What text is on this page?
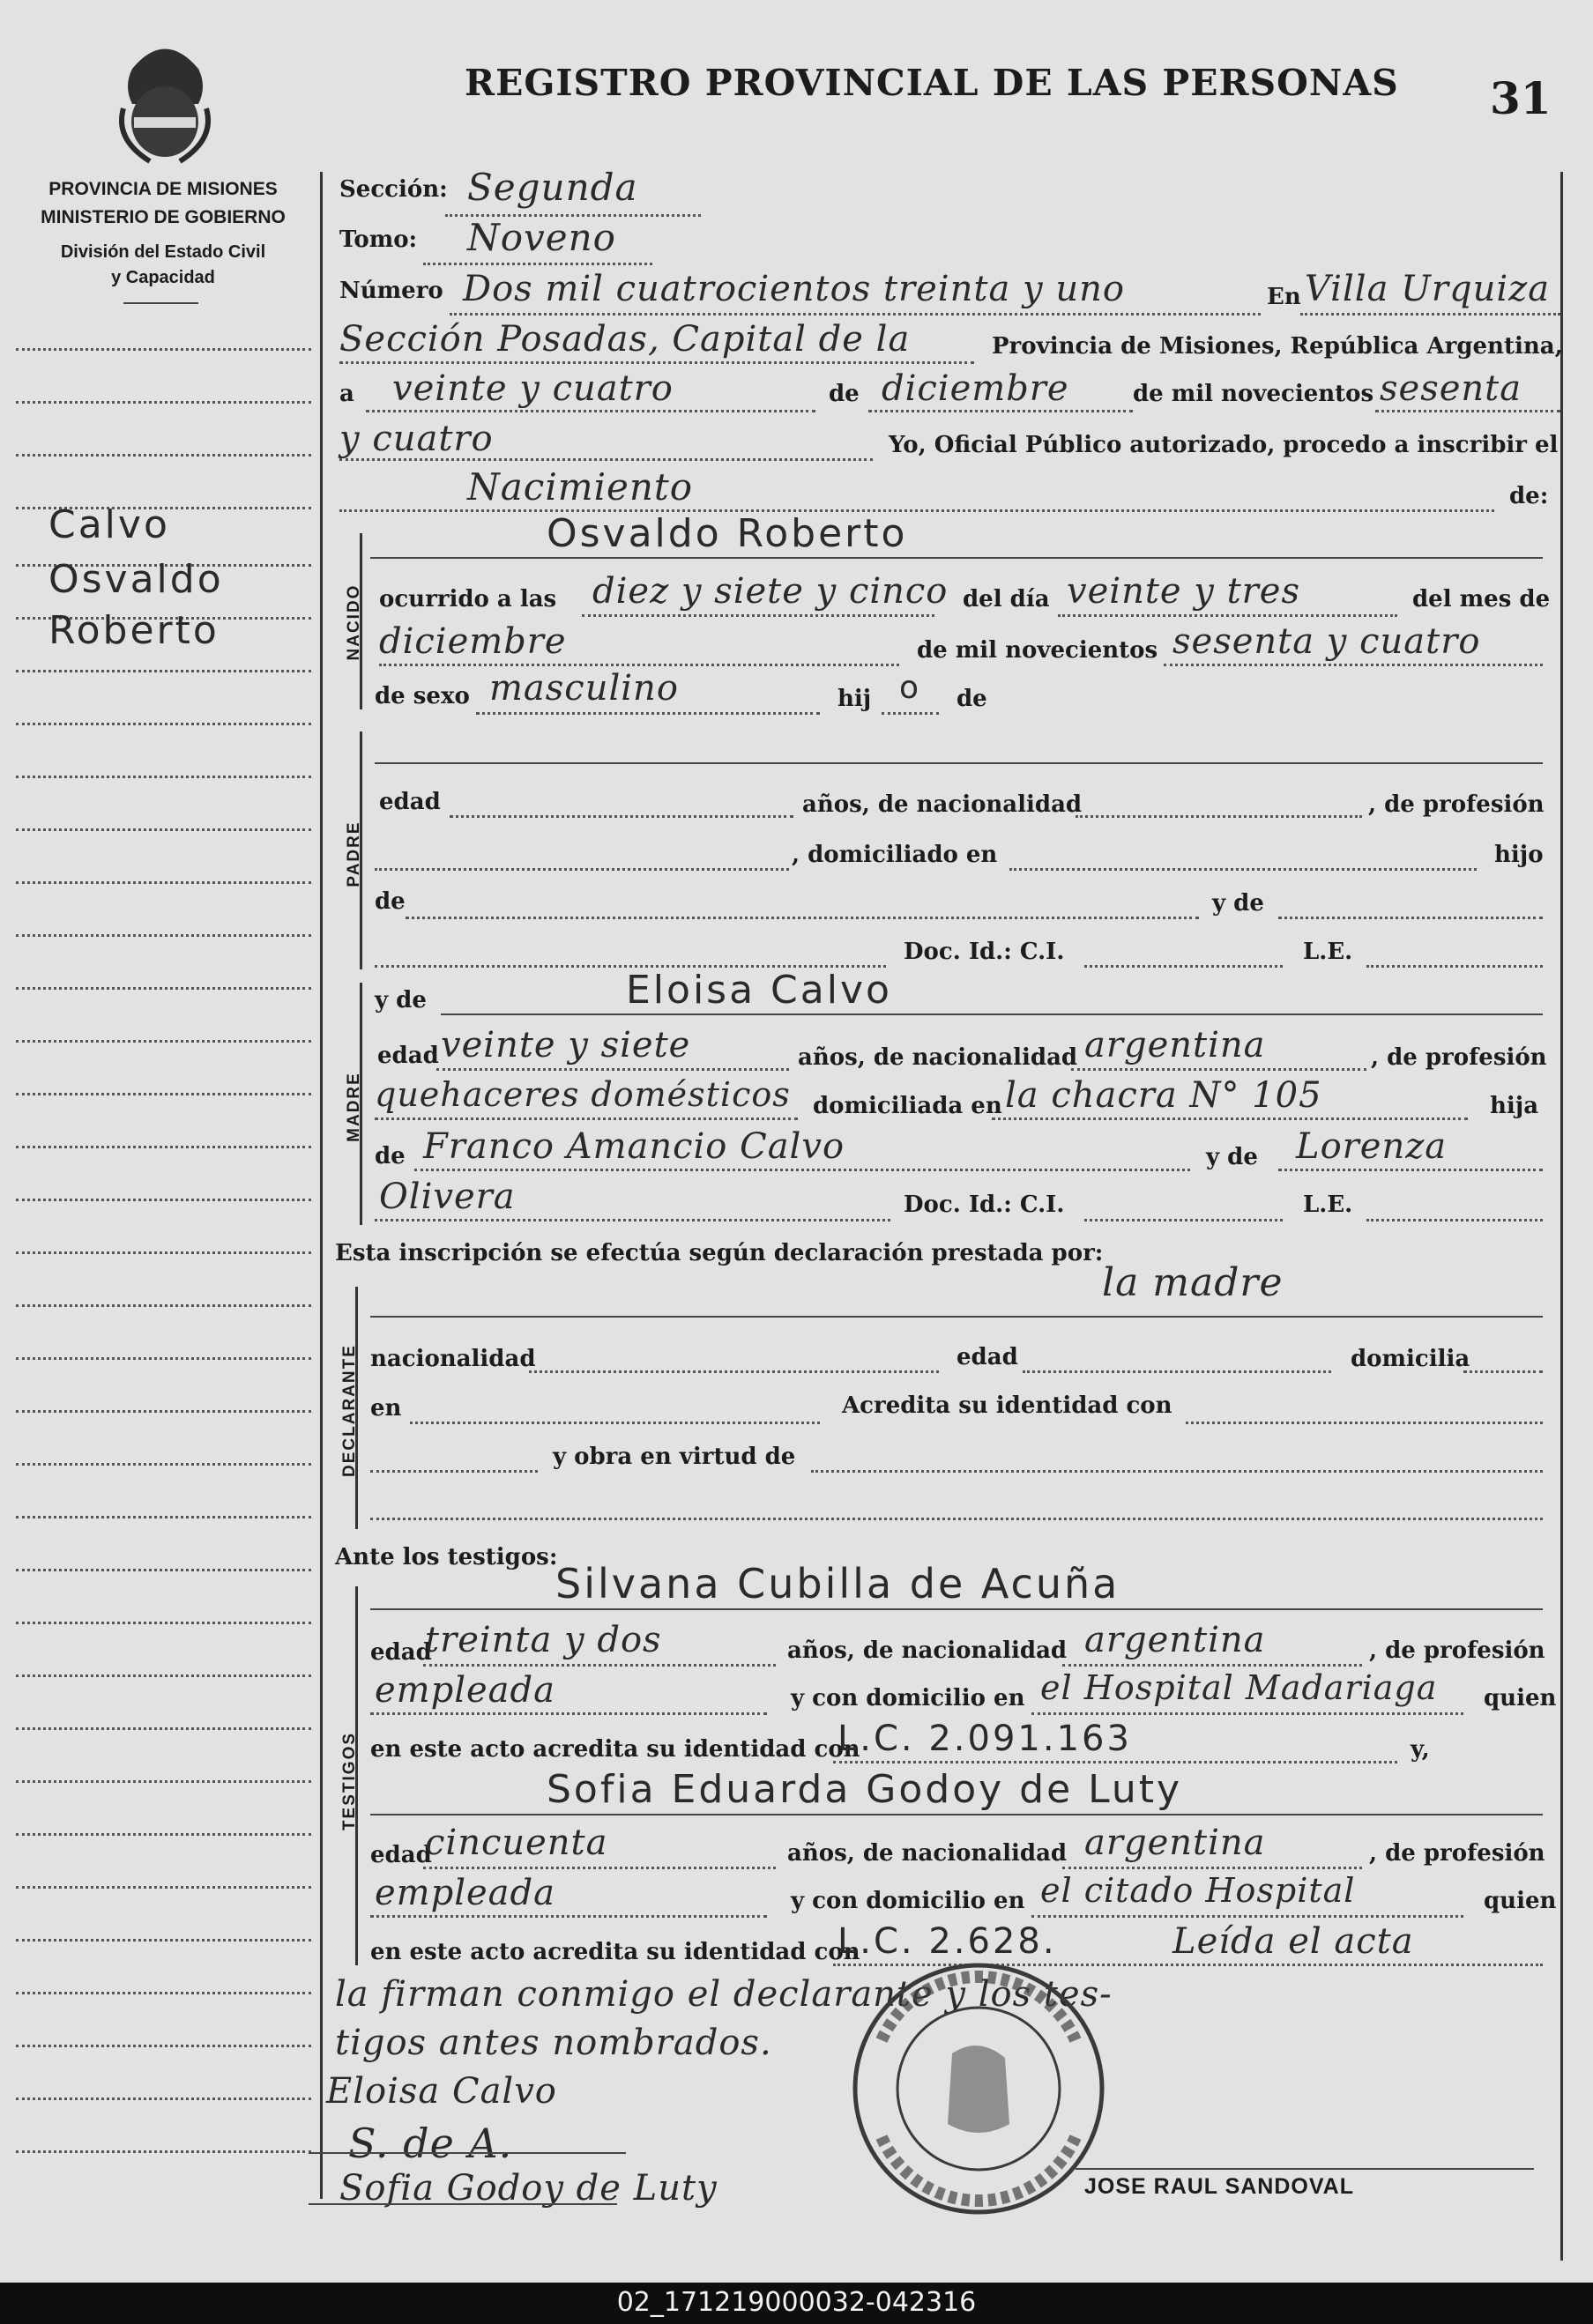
REGISTRO PROVINCIAL DE LAS PERSONAS 31
PROVINCIA DE MISIONES
MINISTERIO DE GOBIERNO
División del Estado Civil
y Capacidad
Calvo
Osvaldo
Roberto
Sección: Segunda
Tomo: Noveno
Número Dos mil cuatrocientos treinta y uno	En Villa Urquiza
Sección Posadas, Capital de la	Provincia de Misiones, República Argentina,
a veinte y cuatro	de diciembre	de mil novecientos sesenta
y cuatro	Yo, Oficial Público autorizado, procedo a inscribir el
Nacimiento	de:
Osvaldo Roberto
NACIDO ocurrido a las diez y siete y cinco del día veinte y tres	del mes de
diciembre	de mil novecientos sesenta y cuatro
de sexo masculino	hij o de
PADRE
edad	años, de nacionalidad	, de profesión
, domiciliado en	hijo
de	y de
Doc. Id.: C.I.	L.E.
MADRE
y de	Eloisa Calvo
edad veinte y siete	años, de nacionalidad argentina	, de profesión
quehaceres domésticos domiciliada en la chacra N° 105	hija
de Franco Amancio Calvo	y de Lorenza
Olivera	Doc. Id.: C.I.	L.E.
Esta inscripción se efectúa según declaración prestada por:
la madre
DECLARANTE nacionalidad	edad	domicilia
en	Acredita su identidad con
y obra en virtud de
Ante los testigos:
Silvana Cubilla de Acuña
TESTIGOS
edad
treinta y dos	años, de nacionalidad argentina	, de profesión
empleada	y con domicilio en el Hospital Madariaga quien
en este acto acredita su identidad con
L.C. 2.091.163	y,
Sofia Eduarda Godoy de Luty
edad
cincuenta	años, de nacionalidad argentina	, de profesión
empleada	y con domicilio en el citado Hospital	quien
en este acto acredita su identidad con
L.C. 2.628.	Leída el acta
la firman conmigo el declarante y los tes-
tigos antes nombrados.
Eloisa Calvo
S. de A.
Sofia Godoy de Luty	JOSE RAUL SANDOVAL
02_171219000032-042316
